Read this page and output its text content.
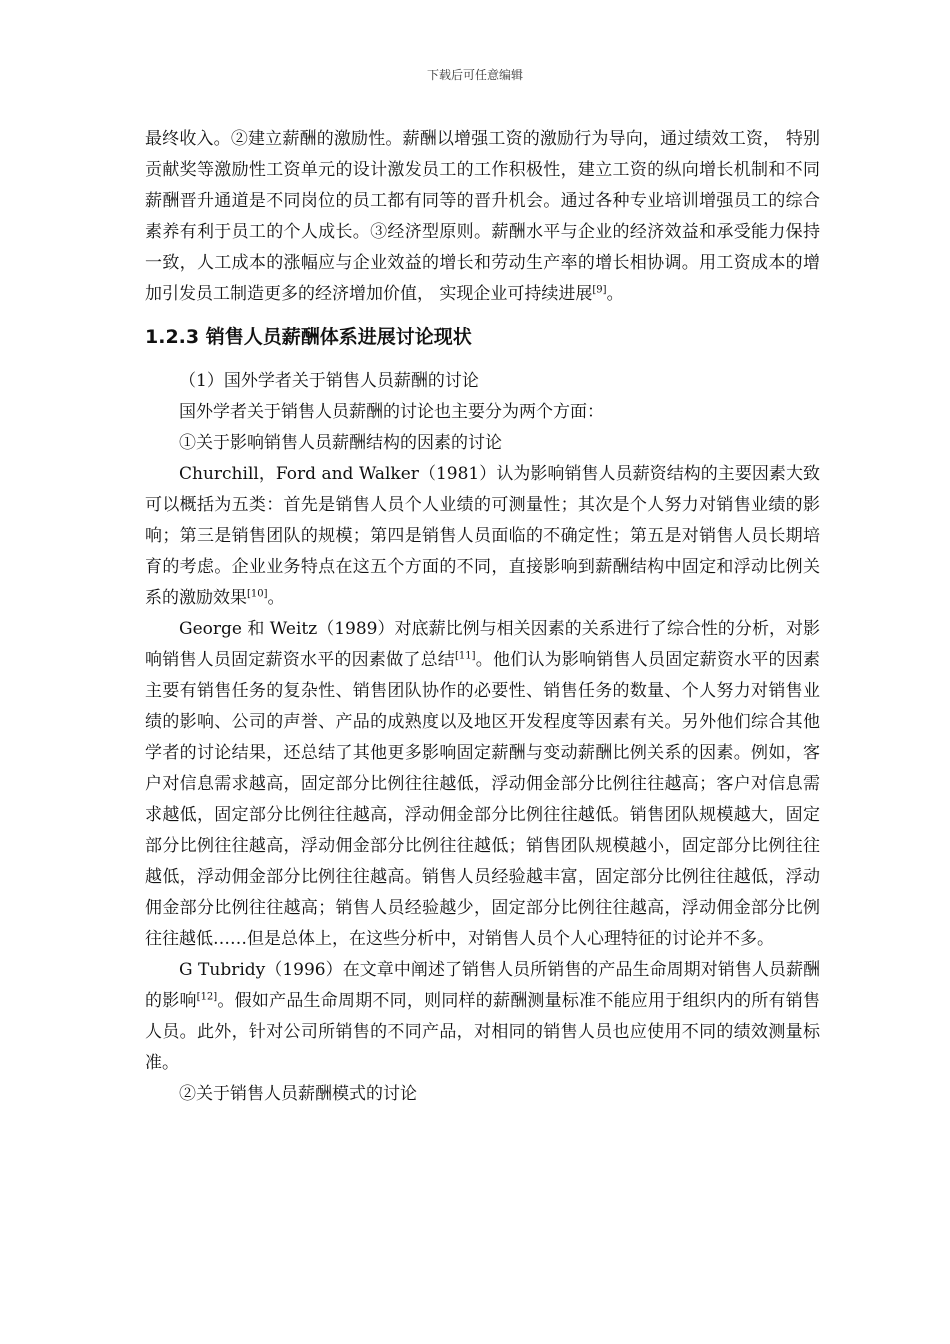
下载后可任意编辑

最终收入。②建立薪酬的激励性。薪酬以增强工资的激励行为导向，通过绩效工资， 特别贡献奖等激励性工资单元的设计激发员工的工作积极性，建立工资的纵向增长机制和不同薪酬晋升通道是不同岗位的员工都有同等的晋升机会。通过各种专业培训增强员工的综合素养有利于员工的个人成长。③经济型原则。薪酬水平与企业的经济效益和承受能力保持一致，人工成本的涨幅应与企业效益的增长和劳动生产率的增长相协调。用工资成本的增加引发员工制造更多的经济增加价值， 实现企业可持续进展[9]。

1.2.3 销售人员薪酬体系进展讨论现状

（1）国外学者关于销售人员薪酬的讨论

国外学者关于销售人员薪酬的讨论也主要分为两个方面：

①关于影响销售人员薪酬结构的因素的讨论

Churchill，Ford and Walker（1981）认为影响销售人员薪资结构的主要因素大致可以概括为五类：首先是销售人员个人业绩的可测量性；其次是个人努力对销售业绩的影响；第三是销售团队的规模；第四是销售人员面临的不确定性；第五是对销售人员长期培育的考虑。企业业务特点在这五个方面的不同，直接影响到薪酬结构中固定和浮动比例关系的激励效果[10]。

George 和 Weitz（1989）对底薪比例与相关因素的关系进行了综合性的分析，对影响销售人员固定薪资水平的因素做了总结[11]。他们认为影响销售人员固定薪资水平的因素主要有销售任务的复杂性、销售团队协作的必要性、销售任务的数量、个人努力对销售业绩的影响、公司的声誉、产品的成熟度以及地区开发程度等因素有关。另外他们综合其他学者的讨论结果，还总结了其他更多影响固定薪酬与变动薪酬比例关系的因素。例如，客户对信息需求越高，固定部分比例往往越低，浮动佣金部分比例往往越高；客户对信息需求越低，固定部分比例往往越高，浮动佣金部分比例往往越低。销售团队规模越大，固定部分比例往往越高，浮动佣金部分比例往往越低；销售团队规模越小，固定部分比例往往越低，浮动佣金部分比例往往越高。销售人员经验越丰富，固定部分比例往往越低，浮动佣金部分比例往往越高；销售人员经验越少，固定部分比例往往越高，浮动佣金部分比例往往越低……但是总体上，在这些分析中，对销售人员个人心理特征的讨论并不多。

G Tubridy（1996）在文章中阐述了销售人员所销售的产品生命周期对销售人员薪酬的影响[12]。假如产品生命周期不同，则同样的薪酬测量标准不能应用于组织内的所有销售人员。此外，针对公司所销售的不同产品，对相同的销售人员也应使用不同的绩效测量标准。

②关于销售人员薪酬模式的讨论
